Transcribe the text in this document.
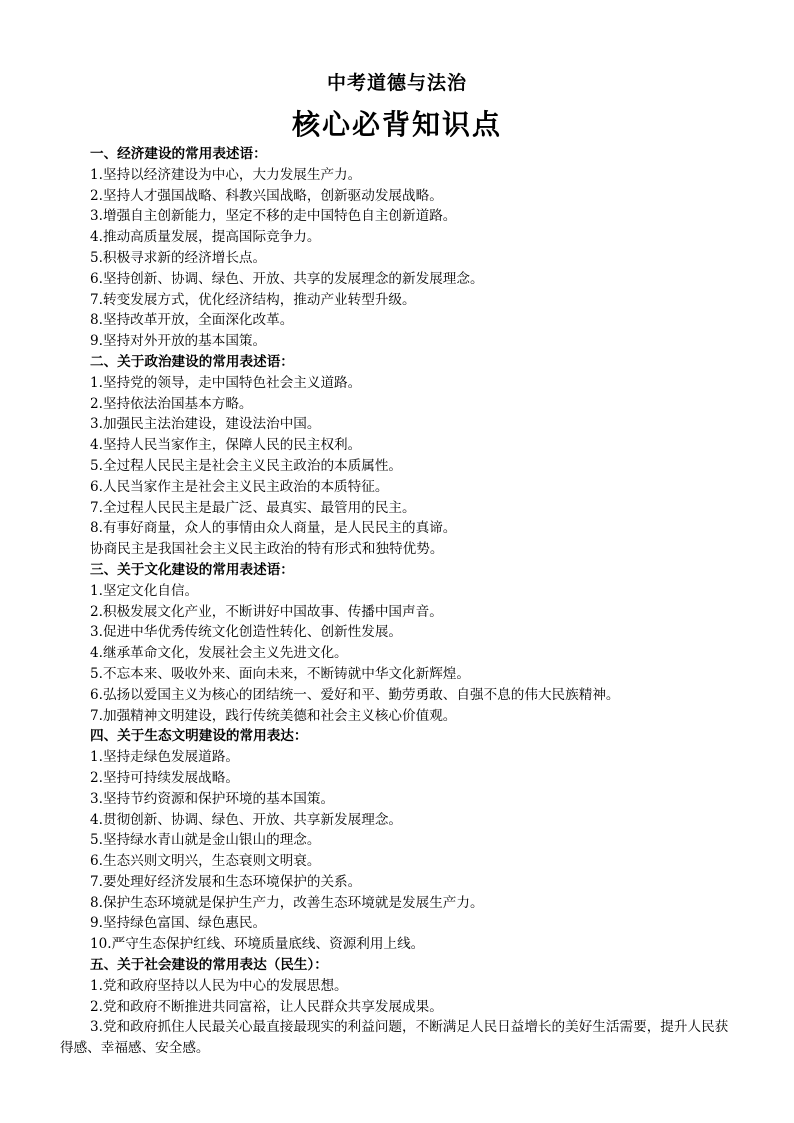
中考道德与法治
核心必背知识点
一、经济建设的常用表述语：
1.坚持以经济建设为中心，大力发展生产力。
2.坚持人才强国战略、科教兴国战略，创新驱动发展战略。
3.增强自主创新能力，坚定不移的走中国特色自主创新道路。
4.推动高质量发展，提高国际竞争力。
5.积极寻求新的经济增长点。
6.坚持创新、协调、绿色、开放、共享的发展理念的新发展理念。
7.转变发展方式，优化经济结构，推动产业转型升级。
8.坚持改革开放，全面深化改革。
9.坚持对外开放的基本国策。
二、关于政治建设的常用表述语：
1.坚持党的领导，走中国特色社会主义道路。
2.坚持依法治国基本方略。
3.加强民主法治建设，建设法治中国。
4.坚持人民当家作主，保障人民的民主权利。
5.全过程人民民主是社会主义民主政治的本质属性。
6.人民当家作主是社会主义民主政治的本质特征。
7.全过程人民民主是最广泛、最真实、最管用的民主。
8.有事好商量，众人的事情由众人商量，是人民民主的真谛。
协商民主是我国社会主义民主政治的特有形式和独特优势。
三、关于文化建设的常用表述语：
1.坚定文化自信。
2.积极发展文化产业，不断讲好中国故事、传播中国声音。
3.促进中华优秀传统文化创造性转化、创新性发展。
4.继承革命文化，发展社会主义先进文化。
5.不忘本来、吸收外来、面向未来，不断铸就中华文化新辉煌。
6.弘扬以爱国主义为核心的团结统一、爱好和平、勤劳勇敢、自强不息的伟大民族精神。
7.加强精神文明建设，践行传统美德和社会主义核心价值观。
四、关于生态文明建设的常用表达：
1.坚持走绿色发展道路。
2.坚持可持续发展战略。
3.坚持节约资源和保护环境的基本国策。
4.贯彻创新、协调、绿色、开放、共享新发展理念。
5.坚持绿水青山就是金山银山的理念。
6.生态兴则文明兴，生态衰则文明衰。
7.要处理好经济发展和生态环境保护的关系。
8.保护生态环境就是保护生产力，改善生态环境就是发展生产力。
9.坚持绿色富国、绿色惠民。
10.严守生态保护红线、环境质量底线、资源利用上线。
五、关于社会建设的常用表达（民生）：
1.党和政府坚持以人民为中心的发展思想。
2.党和政府不断推进共同富裕，让人民群众共享发展成果。
3.党和政府抓住人民最关心最直接最现实的利益问题，不断满足人民日益增长的美好生活需要，提升人民获得感、幸福感、安全感。
